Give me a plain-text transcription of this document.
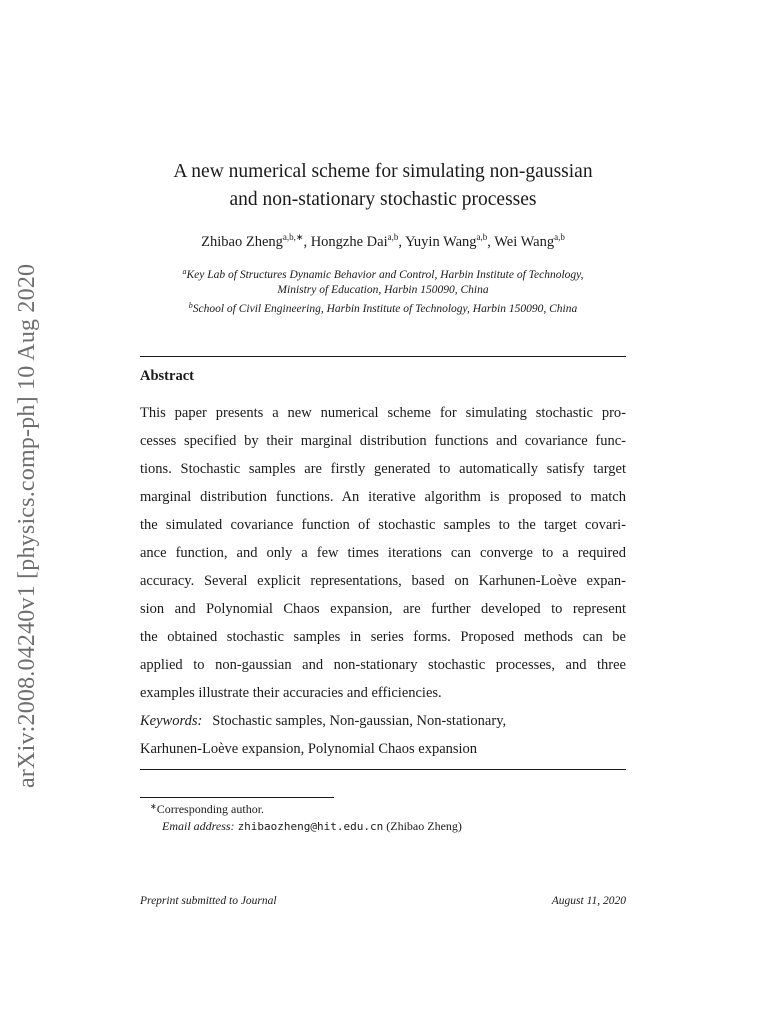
arXiv:2008.04240v1 [physics.comp-ph] 10 Aug 2020
A new numerical scheme for simulating non-gaussian
and non-stationary stochastic processes
Zhibao Zheng$^{a,b,∗}$, Hongzhe Dai$^{a,b}$, Yuyin Wang$^{a,b}$, Wei Wang$^{a,b}$
$^a$Key Lab of Structures Dynamic Behavior and Control, Harbin Institute of Technology,
Ministry of Education, Harbin 150090, China
$^b$School of Civil Engineering, Harbin Institute of Technology, Harbin 150090, China
Abstract
This paper presents a new numerical scheme for simulating stochastic pro-
cesses specified by their marginal distribution functions and covariance func-
tions. Stochastic samples are firstly generated to automatically satisfy target
marginal distribution functions. An iterative algorithm is proposed to match
the simulated covariance function of stochastic samples to the target covari-
ance function, and only a few times iterations can converge to a required
accuracy. Several explicit representations, based on Karhunen-Loève expan-
sion and Polynomial Chaos expansion, are further developed to represent
the obtained stochastic samples in series forms. Proposed methods can be
applied to non-gaussian and non-stationary stochastic processes, and three
examples illustrate their accuracies and efficiencies.
Keywords: Stochastic samples, Non-gaussian, Non-stationary,
Karhunen-Loève expansion, Polynomial Chaos expansion
∗Corresponding author.
Email address: zhibaozheng@hit.edu.cn (Zhibao Zheng)
Preprint submitted to Journal	August 11, 2020
